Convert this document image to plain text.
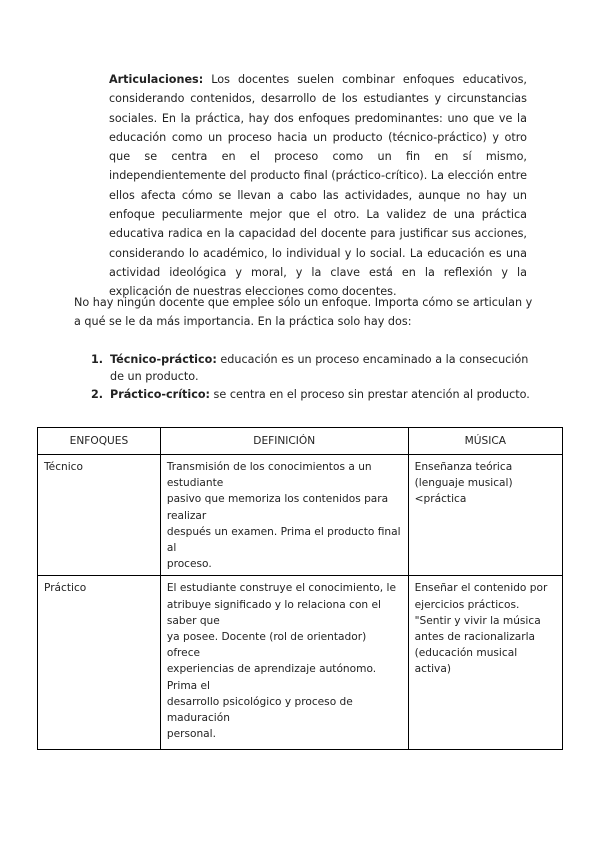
Articulaciones: Los docentes suelen combinar enfoques educativos, considerando contenidos, desarrollo de los estudiantes y circunstancias sociales. En la práctica, hay dos enfoques predominantes: uno que ve la educación como un proceso hacia un producto (técnico-práctico) y otro que se centra en el proceso como un fin en sí mismo, independientemente del producto final (práctico-crítico). La elección entre ellos afecta cómo se llevan a cabo las actividades, aunque no hay un enfoque peculiarmente mejor que el otro. La validez de una práctica educativa radica en la capacidad del docente para justificar sus acciones, considerando lo académico, lo individual y lo social. La educación es una actividad ideológica y moral, y la clave está en la reflexión y la explicación de nuestras elecciones como docentes.

No hay ningún docente que emplee sólo un enfoque. Importa cómo se articulan y a qué se le da más importancia. En la práctica solo hay dos:

1. Técnico-práctico: educación es un proceso encaminado a la consecución de un producto.
2. Práctico-crítico: se centra en el proceso sin prestar atención al producto.
ENFOQUES	DEFINICIÓN	MÚSICA
Técnico	Transmisión de los conocimientos a un estudiante
pasivo que memoriza los contenidos para realizar
después un examen. Prima el producto final al
proceso.	Enseñanza teórica (lenguaje musical)<práctica
Práctico	El estudiante construye el conocimiento, le atribuye significado y lo relaciona con el saber que
ya posee. Docente (rol de orientador) ofrece
experiencias de aprendizaje autónomo. Prima el
desarrollo psicológico y proceso de maduración
personal.	Enseñar el contenido por ejercicios prácticos. "Sentir y vivir la música antes de racionalizarla (educación musical activa)
